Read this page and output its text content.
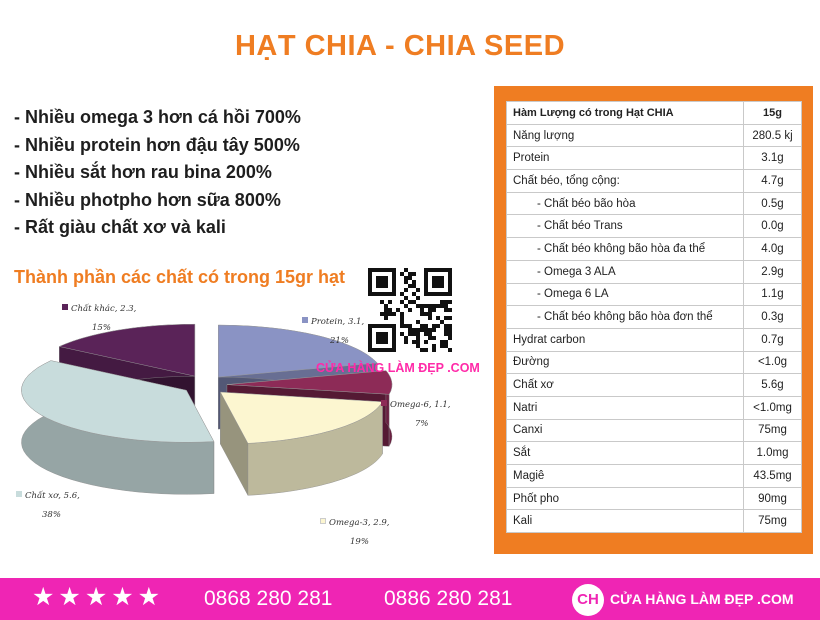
HẠT CHIA - CHIA SEED
- Nhiều omega 3 hơn cá hồi 700%
- Nhiều protein hơn đậu tây 500%
- Nhiều sắt hơn rau bina 200%
- Nhiều photpho hơn sữa 800%
- Rất giàu chất xơ và kali
Thành phần các chất có trong 15gr hạt
Chất khác, 2.3,
15%
Protein, 3.1,
21%
Omega-6, 1.1,
7%
Omega-3, 2.9,
19%
Chất xơ, 5.6,
38%
CỬA HÀNG LÀM ĐẸP .COM
Hàm Lượng có trong Hạt CHIA	15g
Năng lượng	280.5 kj
Protein	3.1g
Chất béo, tổng cộng:	4.7g
- Chất béo bão hòa	0.5g
- Chất béo Trans	0.0g
- Chất béo không bão hòa đa thể	4.0g
- Omega 3 ALA	2.9g
- Omega 6 LA	1.1g
- Chất béo không bão hòa đơn thể	0.3g
Hydrat carbon	0.7g
Đường	<1.0g
Chất xơ	5.6g
Natri	<1.0mg
Canxi	75mg
Sắt	1.0mg
Magiê	43.5mg
Phốt pho	90mg
Kali	75mg
★★★★★ 0868 280 281 0886 280 281	CH CỬA HÀNG LÀM ĐẸP .COM
